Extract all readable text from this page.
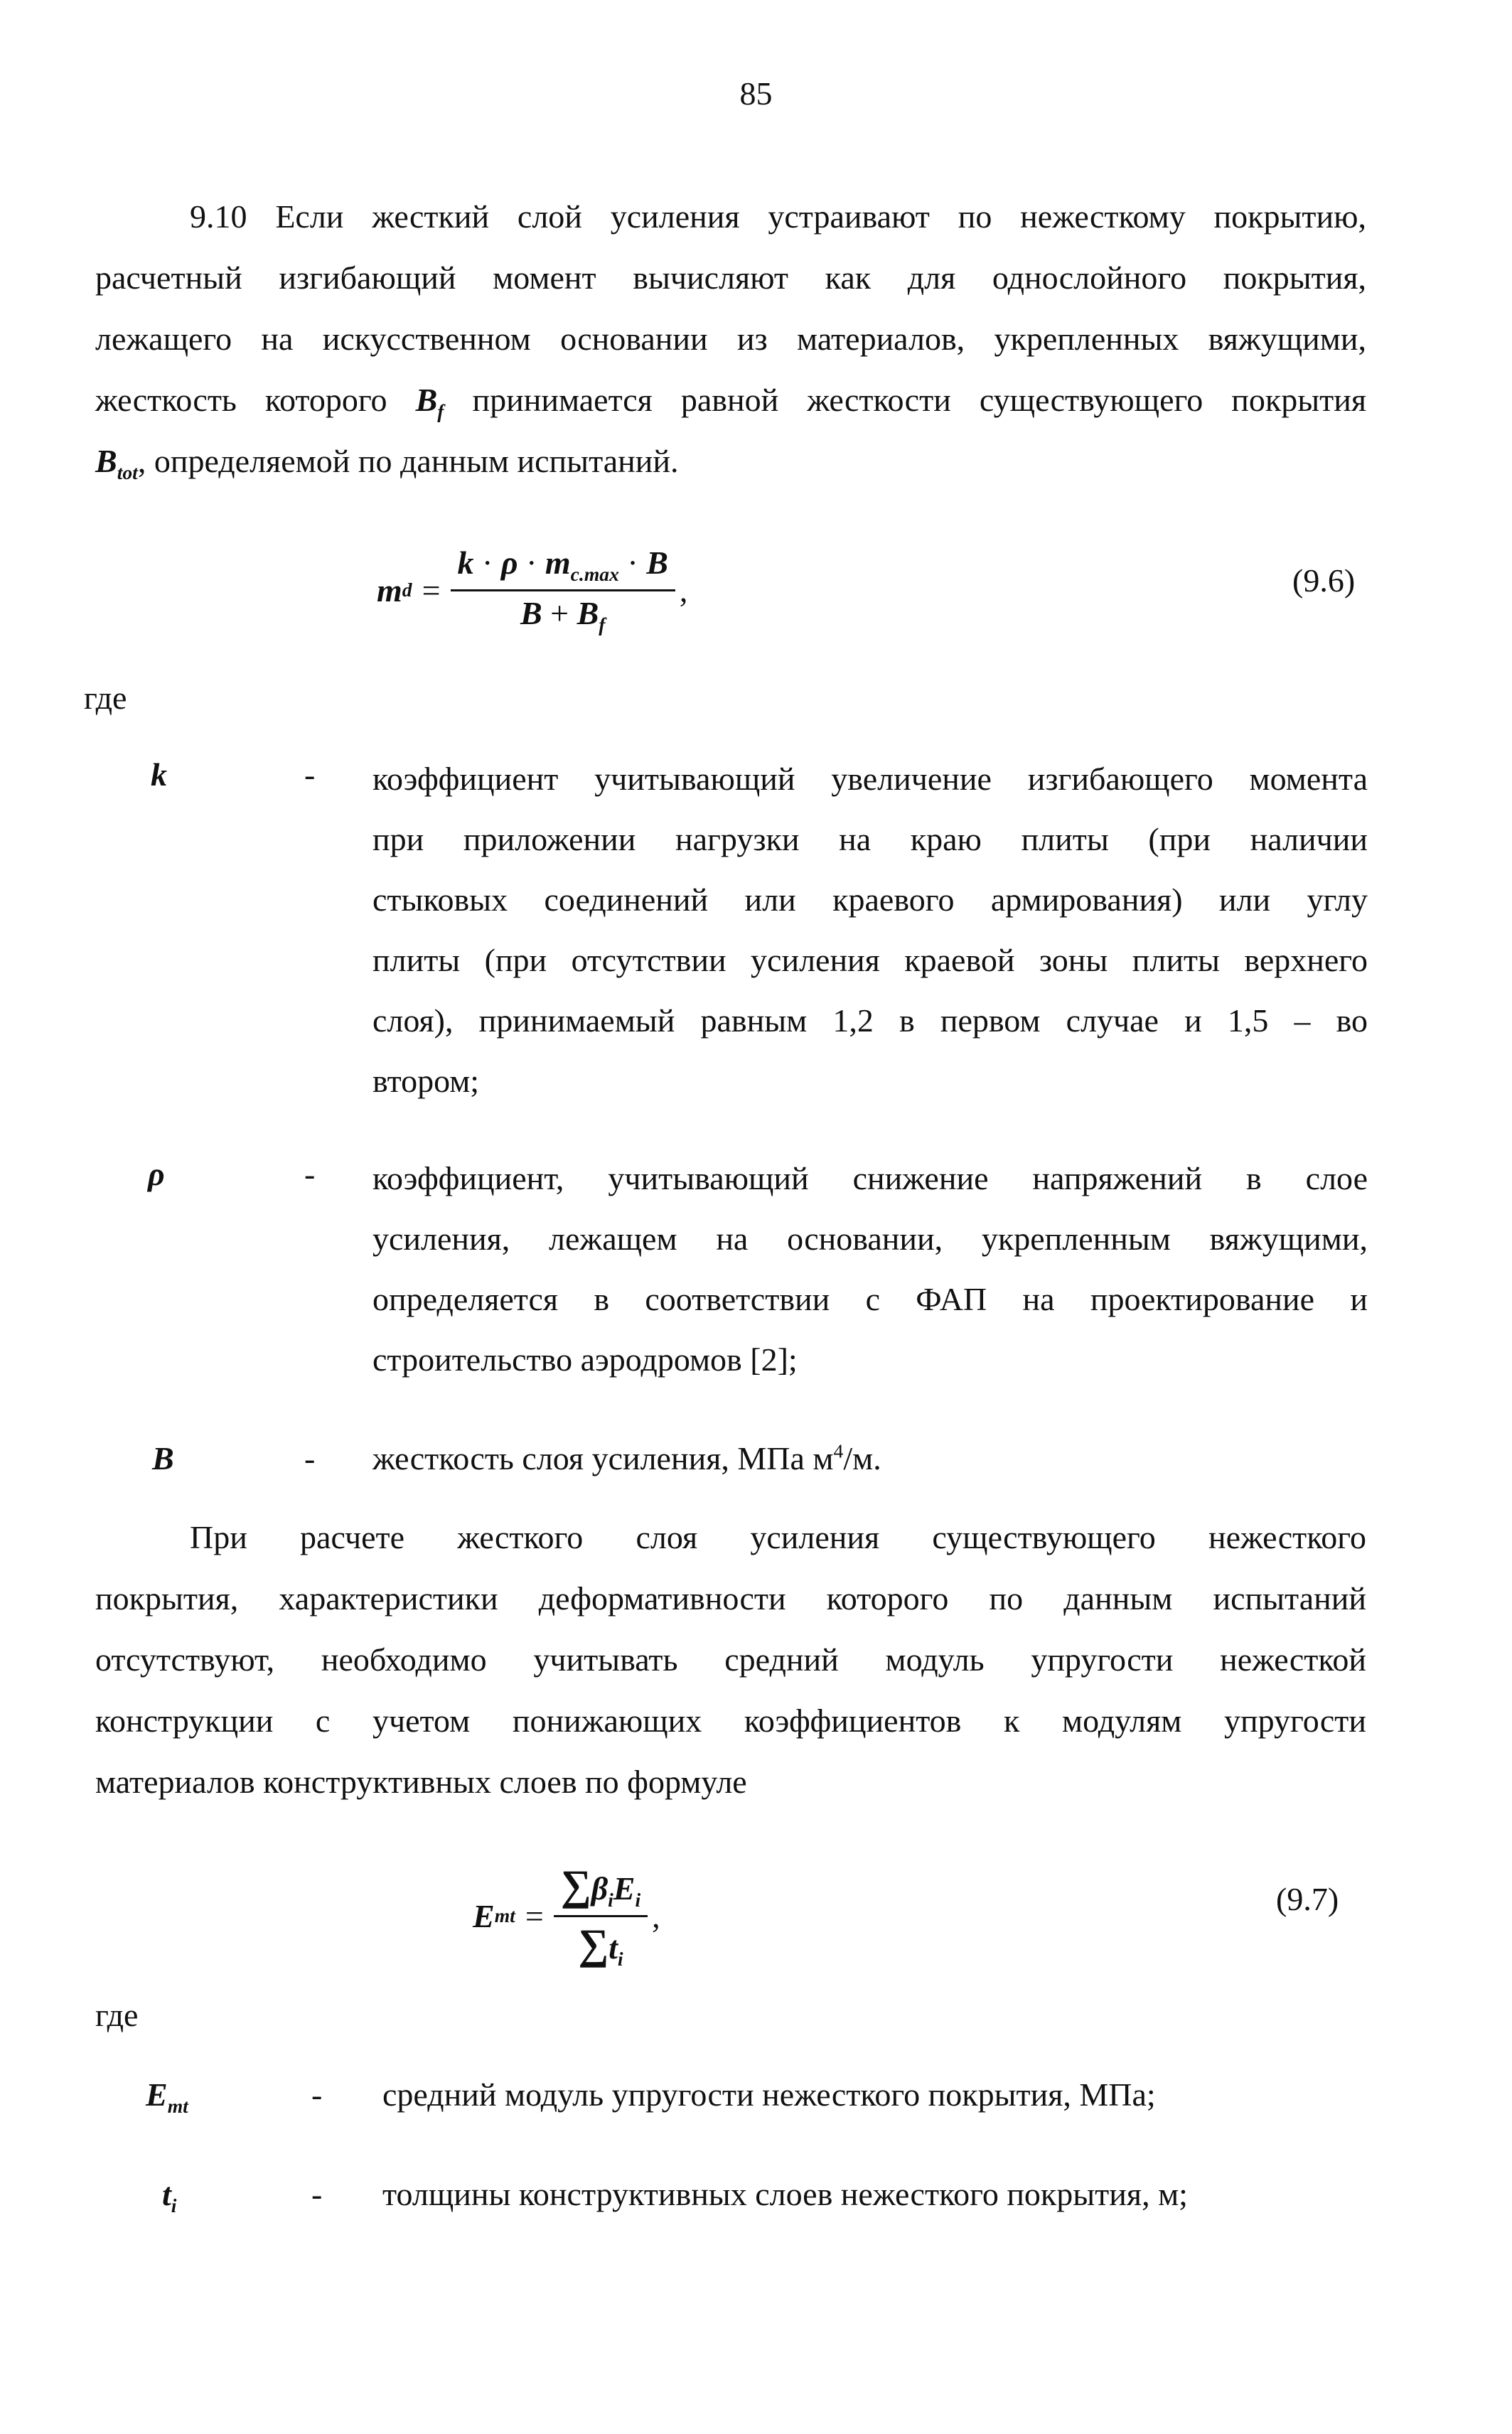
85
9.10 Если жесткий слой усиления устраивают по нежесткому покрытию,
расчетный изгибающий момент вычисляют как для однослойного покрытия,
лежащего на искусственном основании из материалов, укрепленных вяжущими,
жесткость которого $B_f$ принимается равной жесткости существующего покрытия
$B_{tot}$, определяемой по данным испытаний.
m $d = \frac{k \cdot \rho \cdot m_{c.max} \cdot B}{B + B_f}$ ,	(9.6)
где
k	- коэффициент учитывающий увеличение изгибающего момента
при приложении нагрузки на краю плиты (при наличии
стыковых соединений или краевого армирования) или углу
плиты (при отсутствии усиления краевой зоны плиты верхнего
слоя), принимаемый равным 1,2 в первом случае и 1,5 – во
втором;
ρ	- коэффициент, учитывающий снижение напряжений в слое
усиления, лежащем на основании, укрепленным вяжущими,
определяется в соответствии с ФАП на проектирование и
строительство аэродромов [2];
B	- жесткость слоя усиления, МПа $м^4/м$.
При расчете жесткого слоя усиления существующего нежесткого
покрытия, характеристики деформативности которого по данным испытаний
отсутствуют, необходимо учитывать средний модуль упругости нежесткой
конструкции с учетом понижающих коэффициентов к модулям упругости
материалов конструктивных слоев по формуле
E mt = $\frac{\sum\beta_iE_i}{\sum t_i}$ ,	(9.7)
где
$E_{mt}$	- средний модуль упругости нежесткого покрытия, МПа;
$t_i$	- толщины конструктивных слоев нежесткого покрытия, м;
